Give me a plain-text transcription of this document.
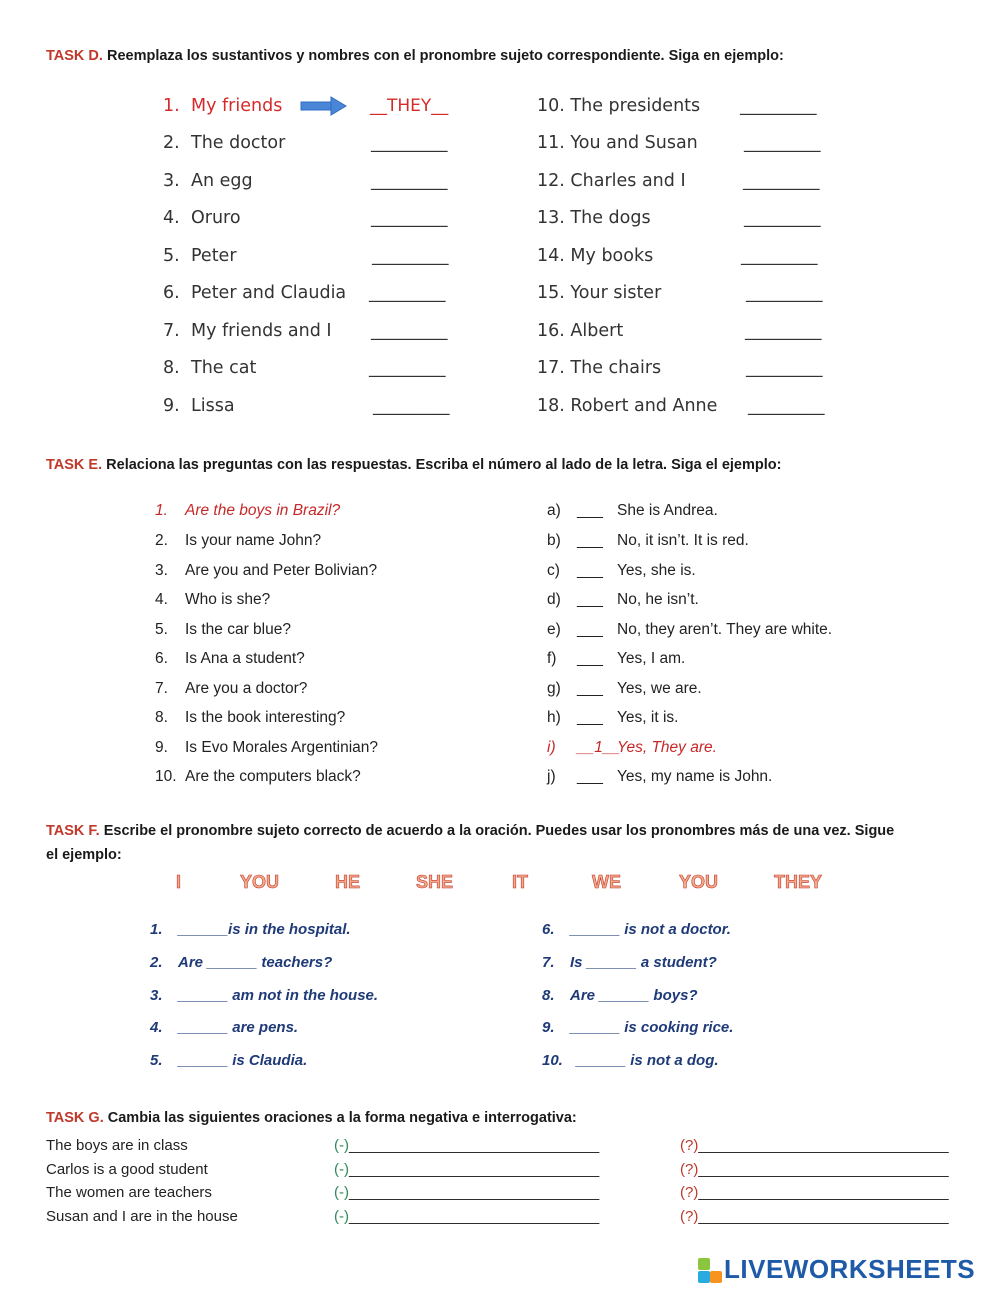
TASK D. Reemplaza los sustantivos y nombres con el pronombre sujeto correspondiente. Siga en ejemplo:
1. My friends	__THEY__
2. The doctor	_________
3. An egg	_________
4. Oruro	_________
5. Peter	_________
6. Peter and Claudia _________
7. My friends and I _________
8. The cat	_________
9. Lissa	_________
10. The presidents _________
11. You and Susan	_________
12. Charles and I	_________
13. The dogs	_________
14. My books	_________
15. Your sister	_________
16. Albert	_________
17. The chairs	_________
18. Robert and Anne _________
TASK E. Relaciona las preguntas con las respuestas. Escriba el número al lado de la letra. Siga el ejemplo:
1. Are the boys in Brazil?
2. Is your name John?
3. Are you and Peter Bolivian?
4. Who is she?
5. Is the car blue?
6. Is Ana a student?
7. Are you a doctor?
8. Is the book interesting?
9. Is Evo Morales Argentinian?
10. Are the computers black?
a) ___ She is Andrea.
b) ___ No, it isn’t. It is red.
c) ___ Yes, she is.
d) ___ No, he isn’t.
e) ___ No, they aren’t. They are white.
f) ___ Yes, I am.
g) ___ Yes, we are.
h) ___ Yes, it is.
i) __1__Yes, They are.
j) ___ Yes, my name is John.
TASK F. Escribe el pronombre sujeto correcto de acuerdo a la oración. Puedes usar los pronombres más de una vez. Sigue
el ejemplo:
I	YOU	HE	SHE	IT	WE	YOU	THEY
1. ______is in the hospital.
2. Are ______ teachers?
3. ______ am not in the house.
4. ______ are pens.
5. ______ is Claudia.
6. ______ is not a doctor.
7. Is ______ a student?
8. Are ______ boys?
9. ______ is cooking rice.
10. ______ is not a dog.
TASK G. Cambia las siguientes oraciones a la forma negativa e interrogativa:
The boys are in class	(-)______________________________	(?)______________________________
Carlos is a good student	(-)______________________________	(?)______________________________
The women are teachers	(-)______________________________	(?)______________________________
Susan and I are in the house	(-)______________________________	(?)______________________________
LIVEWORKSHEETS
